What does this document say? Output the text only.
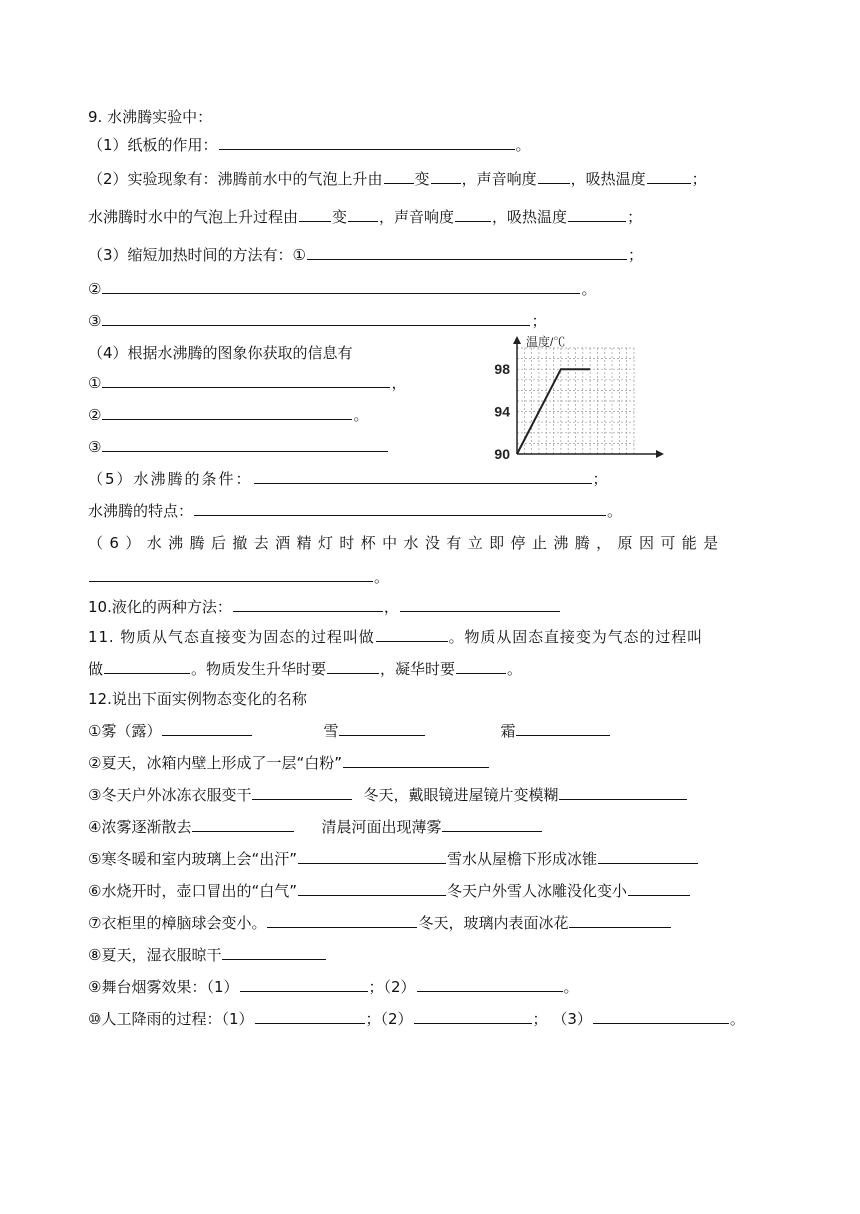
9. 水沸腾实验中：
（1）纸板的作用：	。
（2）实验现象有：沸腾前水中的气泡上升由 变 ，声音响度 ，吸热温度	；
水沸腾时水中的气泡上升过程由 变 ，声音响度	，吸热温度	；
（3）缩短加热时间的方法有：①	；
②	。
③	；
（4）根据水沸腾的图象你获取的信息有
①	，
②	。
③
温度/℃
98
94
90
（5）水沸腾的条件：	；
水沸腾的特点：	。
（6）水沸腾后撤去酒精灯时杯中水没有立即停止沸腾，原因可能是
。
10.液化的两种方法：	，
11. 物质从气态直接变为固态的过程叫做	。物质从固态直接变为气态的过程叫
做	。物质发生升华时要	，凝华时要	。
12.说出下面实例物态变化的名称
①雾（露）	雪	霜
②夏天，冰箱内壁上形成了一层“白粉”
③冬天户外冰冻衣服变干	冬天，戴眼镜进屋镜片变模糊
④浓雾逐渐散去	清晨河面出现薄雾
⑤寒冬暖和室内玻璃上会“出汗”	雪水从屋檐下形成冰锥
⑥水烧开时，壶口冒出的“白气”	冬天户外雪人冰雕没化变小
⑦衣柜里的樟脑球会变小。	冬天，玻璃内表面冰花
⑧夏天，湿衣服晾干
⑨舞台烟雾效果：（1）	；（2）	。
⑩人工降雨的过程：（1）	；（2）	； （3）	。
